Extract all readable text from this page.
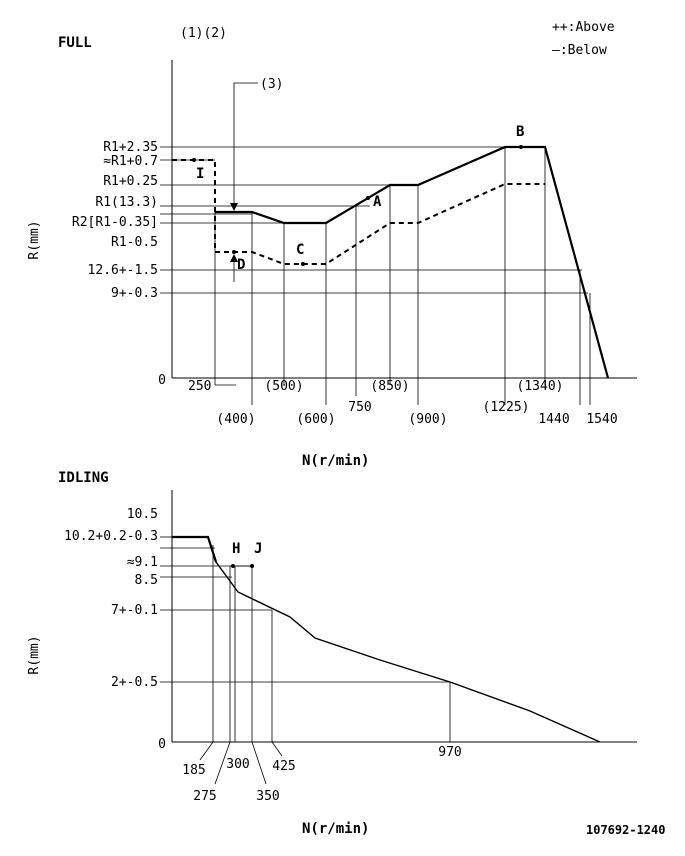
++:Above
—:Below
FULL
(1)(2)
(3)
R(mm)
N(r/min)
I
B
A
C
D
R1+2.35
≈R1+0.7
R1+0.25
R1(13.3)
R2[R1-0.35]
R1-0.5
12.6+-1.5
9+-0.3
0 250
(400)
(500)
(600)
750
(850)
(900)
(1225)
(1340)
1440 1540
IDLING
R(mm)
N(r/min)	107692-1240
H J
10.5
10.2+0.2-0.3
≈9.1
8.5
7+-0.1
2+-0.5
0
185
275
300
350
425
970
